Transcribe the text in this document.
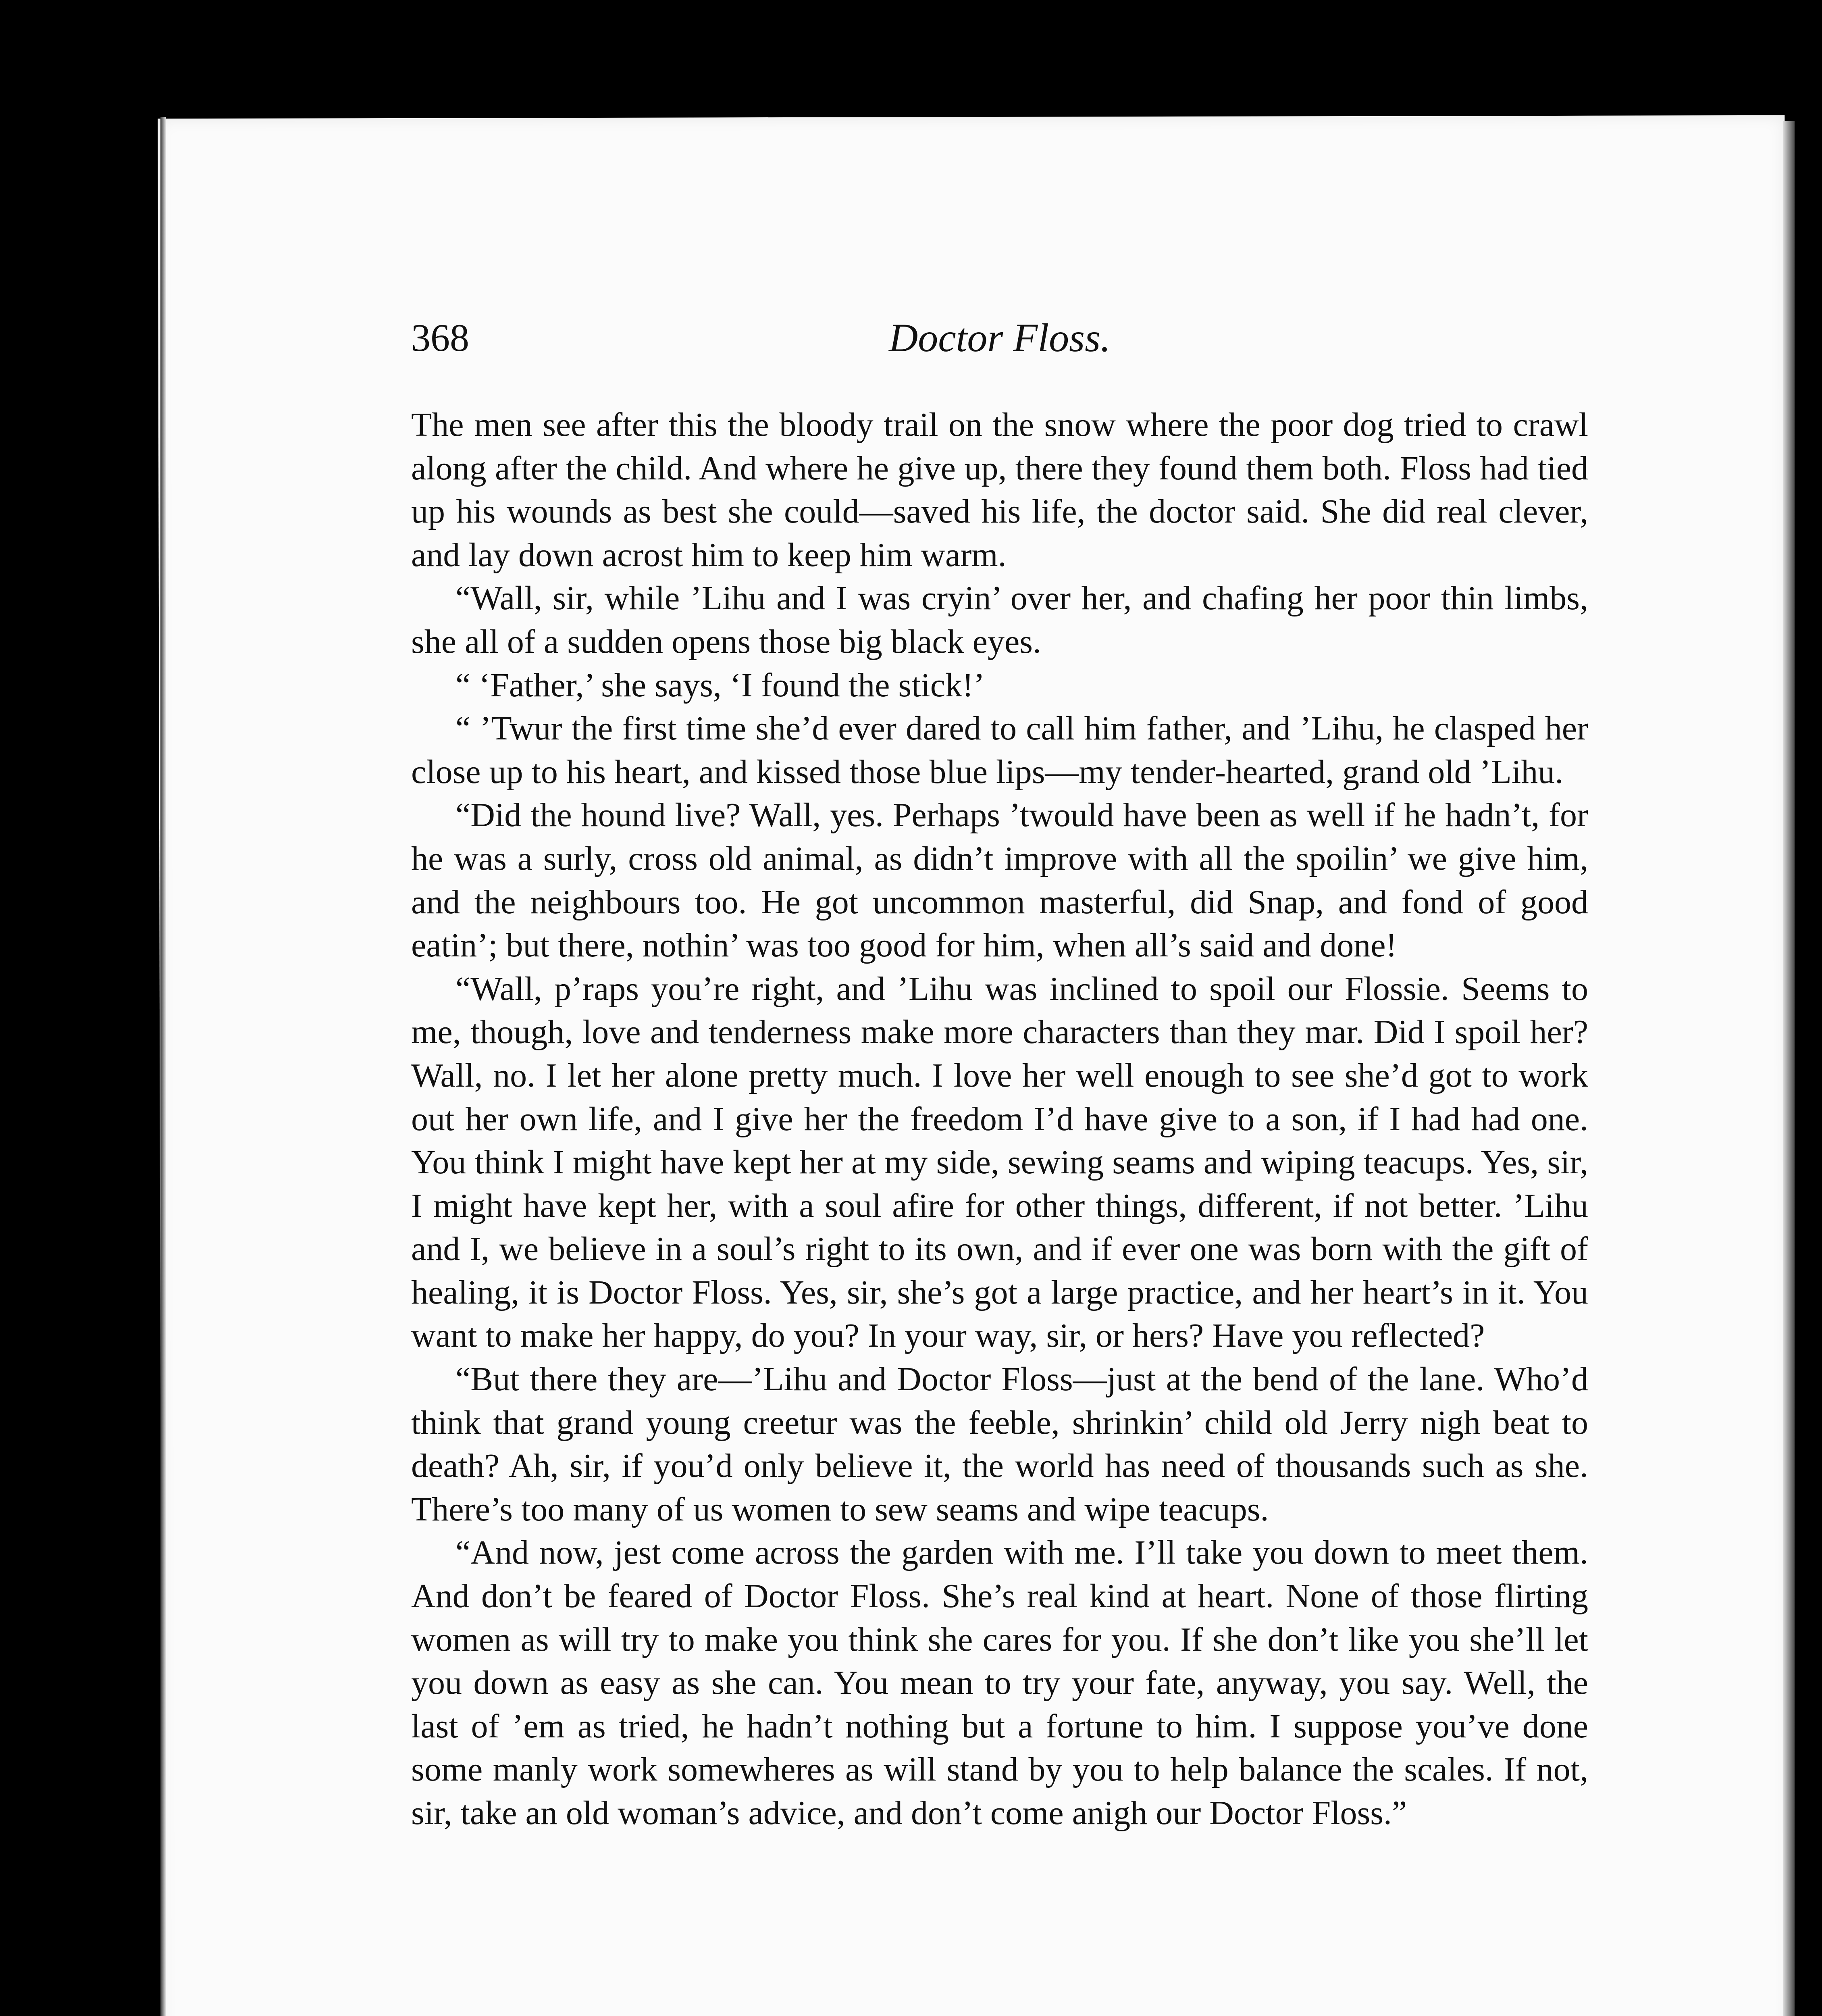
368	Doctor Floss.

The men see after this the bloody trail on the snow where the poor dog tried to crawl along after the child. And where he give up, there they found them both. Floss had tied up his wounds as best she could—saved his life, the doctor said. She did real clever, and lay down acrost him to keep him warm.

“Wall, sir, while ’Lihu and I was cryin’ over her, and chafing her poor thin limbs, she all of a sudden opens those big black eyes.

“ ‘Father,’ she says, ‘I found the stick!’

“ ’Twur the first time she’d ever dared to call him father, and ’Lihu, he clasped her close up to his heart, and kissed those blue lips—my tender-hearted, grand old ’Lihu.

“Did the hound live? Wall, yes. Perhaps ’twould have been as well if he hadn’t, for he was a surly, cross old animal, as didn’t improve with all the spoilin’ we give him, and the neighbours too. He got uncommon masterful, did Snap, and fond of good eatin’; but there, nothin’ was too good for him, when all’s said and done!

“Wall, p’raps you’re right, and ’Lihu was inclined to spoil our Flossie. Seems to me, though, love and tenderness make more characters than they mar. Did I spoil her? Wall, no. I let her alone pretty much. I love her well enough to see she’d got to work out her own life, and I give her the freedom I’d have give to a son, if I had had one. You think I might have kept her at my side, sewing seams and wiping teacups. Yes, sir, I might have kept her, with a soul afire for other things, different, if not better. ’Lihu and I, we believe in a soul’s right to its own, and if ever one was born with the gift of healing, it is Doctor Floss. Yes, sir, she’s got a large practice, and her heart’s in it. You want to make her happy, do you? In your way, sir, or hers? Have you reflected?

“But there they are—’Lihu and Doctor Floss—just at the bend of the lane. Who’d think that grand young creetur was the feeble, shrinkin’ child old Jerry nigh beat to death? Ah, sir, if you’d only believe it, the world has need of thousands such as she. There’s too many of us women to sew seams and wipe teacups.

“And now, jest come across the garden with me. I’ll take you down to meet them. And don’t be feared of Doctor Floss. She’s real kind at heart. None of those flirting women as will try to make you think she cares for you. If she don’t like you she’ll let you down as easy as she can. You mean to try your fate, anyway, you say. Well, the last of ’em as tried, he hadn’t nothing but a fortune to him. I suppose you’ve done some manly work somewheres as will stand by you to help balance the scales. If not, sir, take an old woman’s advice, and don’t come anigh our Doctor Floss.”
